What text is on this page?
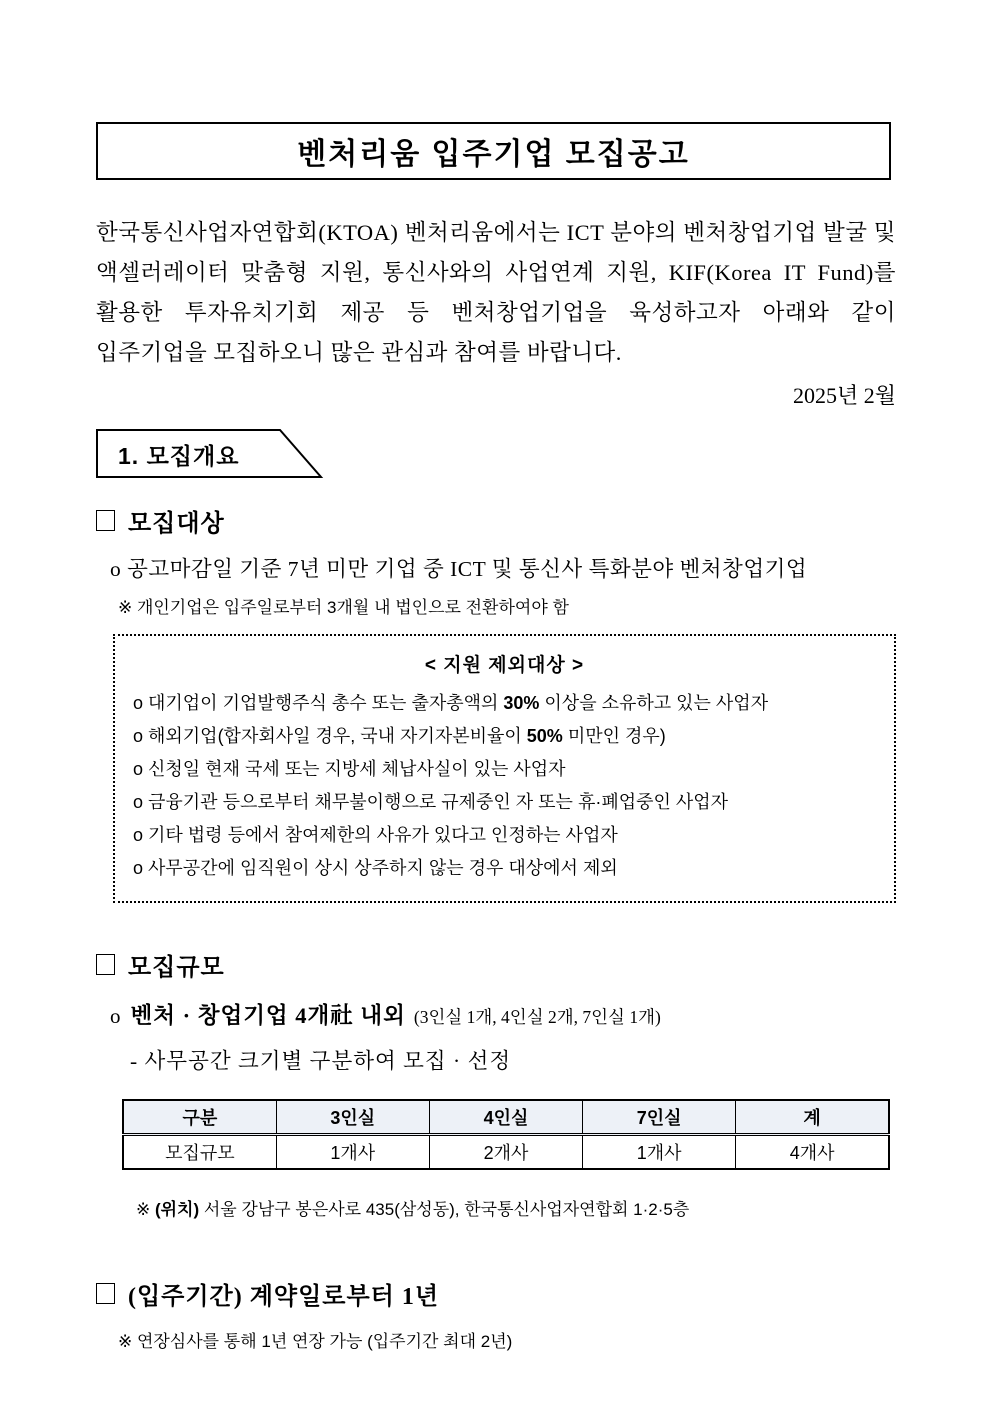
벤처리움 입주기업 모집공고

한국통신사업자연합회(KTOA) 벤처리움에서는 ICT 분야의 벤처창업기업 발굴 및 액셀러레이터 맞춤형 지원, 통신사와의 사업연계 지원, KIF(Korea IT Fund)를 활용한 투자유치기회 제공 등 벤처창업기업을 육성하고자 아래와 같이 입주기업을 모집하오니 많은 관심과 참여를 바랍니다.

2025년 2월
1. 모집개요
모집대상
o 공고마감일 기준 7년 미만 기업 중 ICT 및 통신사 특화분야 벤처창업기업
※ 개인기업은 입주일로부터 3개월 내 법인으로 전환하여야 함
< 지원 제외대상 >
o 대기업이 기업발행주식 총수 또는 출자총액의 30% 이상을 소유하고 있는 사업자
o 해외기업(합자회사일 경우, 국내 자기자본비율이 50% 미만인 경우)
o 신청일 현재 국세 또는 지방세 체납사실이 있는 사업자
o 금융기관 등으로부터 채무불이행으로 규제중인 자 또는 휴·폐업중인 사업자
o 기타 법령 등에서 참여제한의 사유가 있다고 인정하는 사업자
o 사무공간에 임직원이 상시 상주하지 않는 경우 대상에서 제외
모집규모
o 벤처 · 창업기업 4개社 내외 (3인실 1개, 4인실 2개, 7인실 1개)
- 사무공간 크기별 구분하여 모집 · 선정
구분	3인실	4인실	7인실	계
모집규모	1개사	2개사	1개사	4개사
※ (위치) 서울 강남구 봉은사로 435(삼성동), 한국통신사업자연합회 1·2·5층
(입주기간) 계약일로부터 1년
※ 연장심사를 통해 1년 연장 가능 (입주기간 최대 2년)
